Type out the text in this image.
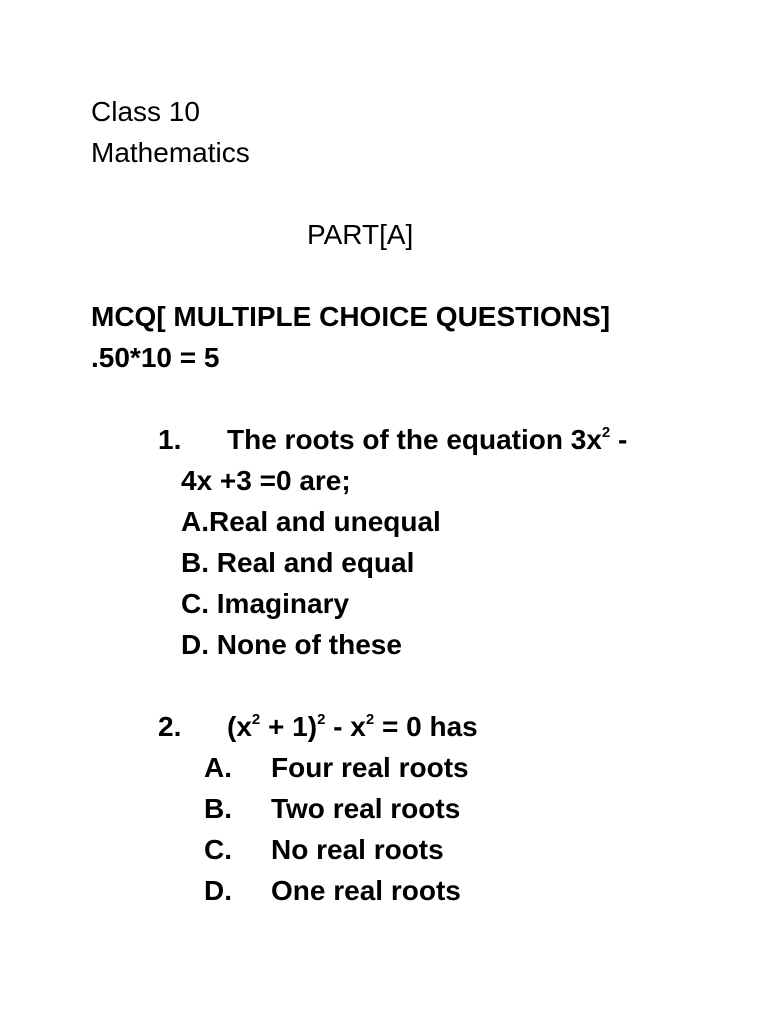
Class 10
Mathematics
PART[A]
MCQ[ MULTIPLE CHOICE QUESTIONS]
.50*10 = 5
1. The roots of the equation $3x^2$ -
4x +3 =0 are;
A.Real and unequal
B. Real and equal
C. Imaginary
D. None of these
2. $(x^2 + 1)^2 - x^2 = 0$ has
A. Four real roots
B. Two real roots
C. No real roots
D. One real roots
